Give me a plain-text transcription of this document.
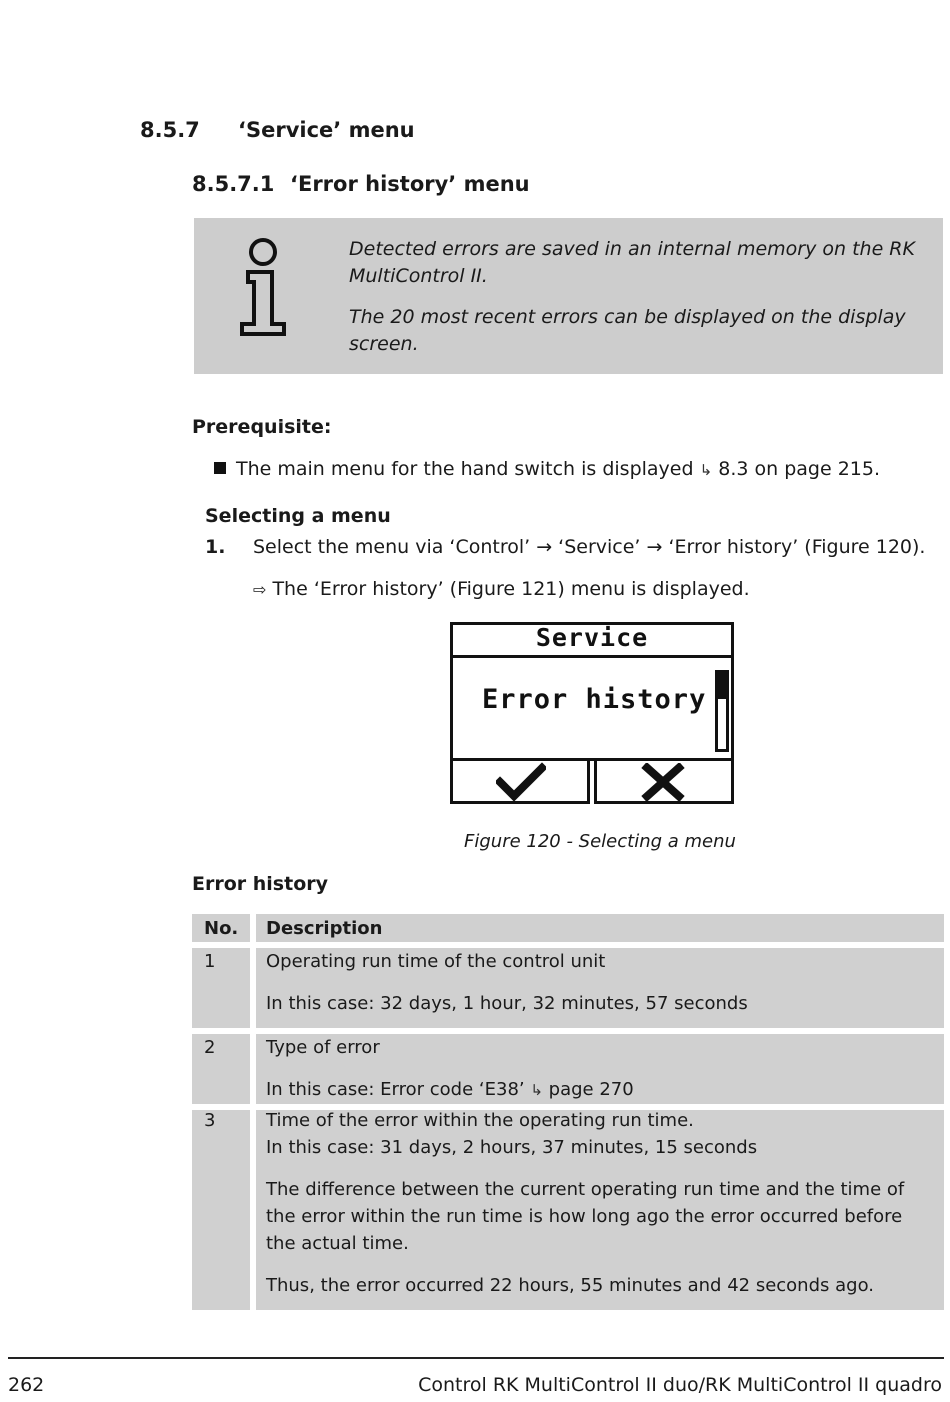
8.5.7 ‘Service’ menu
8.5.7.1 ‘Error history’ menu

Detected errors are saved in an internal memory on the RK MultiControl II.

The 20 most recent errors can be displayed on the display screen.

Prerequisite:
The main menu for the hand switch is displayed ↳ 8.3 on page 215.
Selecting a menu
1. Select the menu via ‘Control’ → ‘Service’ → ‘Error history’ (Figure 120).
⇨ The ‘Error history’ (Figure 121) menu is displayed.
Service
Error history
Figure 120 - Selecting a menu
Error history
No.	Description
1	Operating run time of the control unit

In this case: 32 days, 1 hour, 32 minutes, 57 seconds

2	Type of error

In this case: Error code ‘E38’ ↳ page 270

3	Time of the error within the operating run time.

In this case: 31 days, 2 hours, 37 minutes, 15 seconds

The difference between the current operating run time and the time of the error within the run time is how long ago the error occurred before the actual time.

Thus, the error occurred 22 hours, 55 minutes and 42 seconds ago.

262	Control RK MultiControl II duo/RK MultiControl II quadro
